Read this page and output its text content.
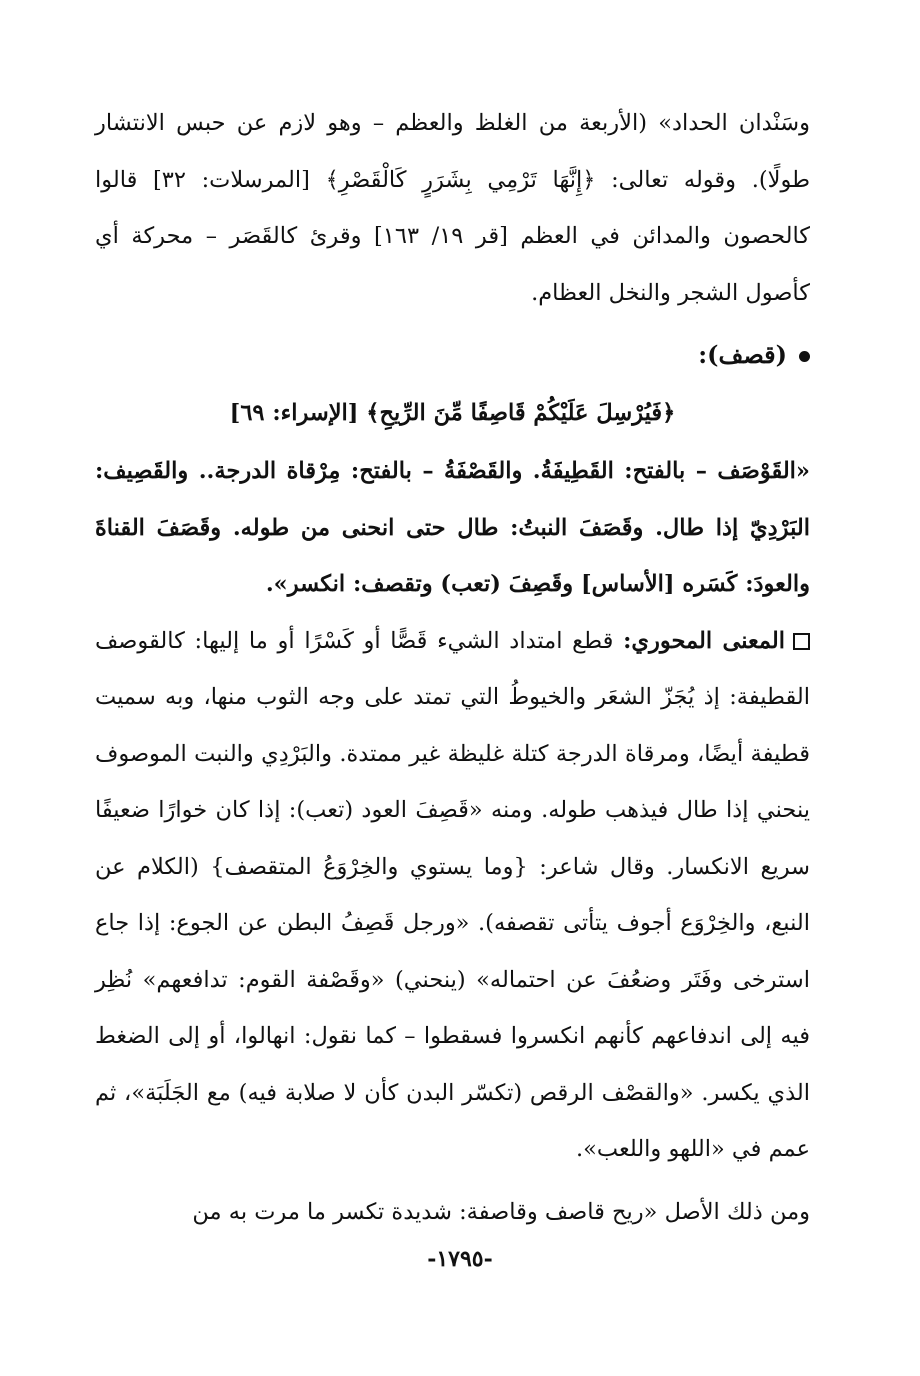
وسَنْدان الحداد» (الأربعة من الغلظ والعظم – وهو لازم عن حبس الانتشار طولًا). وقوله تعالى: ﴿إِنَّهَا تَرْمِي بِشَرَرٍ كَالْقَصْرِ﴾ [المرسلات: ٣٢] قالوا كالحصون والمدائن في العظم [قر ١٩/ ١٦٣] وقرئ كالقَصَر – محركة أي كأصول الشجر والنخل العظام.

(قصف):

﴿فَيُرْسِلَ عَلَيْكُمْ قَاصِفًا مِّنَ الرِّيحِ﴾ [الإسراء: ٦٩]

«القَوْصَف – بالفتح: القَطِيفَةُ. والقَصْفَةُ – بالفتح: مِرْقاة الدرجة.. والقَصِيف: البَرْدِيّ إذا طال. وقَصَفَ النبتُ: طال حتى انحنى من طوله. وقَصَفَ القناةَ والعودَ: كَسَره [الأساس] وقَصِفَ (تعب) وتقصف: انكسر».

المعنى المحوري: قطع امتداد الشيء قَصًّا أو كَسْرًا أو ما إليها: كالقوصف القطيفة: إذ يُجَزّ الشعَر والخيوطُ التي تمتد على وجه الثوب منها، وبه سميت قطيفة أيضًا، ومرقاة الدرجة كتلة غليظة غير ممتدة. والبَرْدِي والنبت الموصوف ينحني إذا طال فيذهب طوله. ومنه «قَصِفَ العود (تعب): إذا كان خوارًا ضعيفًا سريع الانكسار. وقال شاعر: {وما يستوي والخِرْوَعُ المتقصف} (الكلام عن النبع، والخِرْوَع أجوف يتأتى تقصفه). «ورجل قَصِفُ البطن عن الجوع: إذا جاع استرخى وفَتَر وضعُفَ عن احتماله» (ينحني) «وقَصْفة القوم: تدافعهم» نُظِر فيه إلى اندفاعهم كأنهم انكسروا فسقطوا – كما نقول: انهالوا، أو إلى الضغط الذي يكسر. «والقصْف الرقص (تكسّر البدن كأن لا صلابة فيه) مع الجَلَبَة»، ثم عمم في «اللهو واللعب».

ومن ذلك الأصل «ريح قاصف وقاصفة: شديدة تكسر ما مرت به من

-١٧٩٥-
